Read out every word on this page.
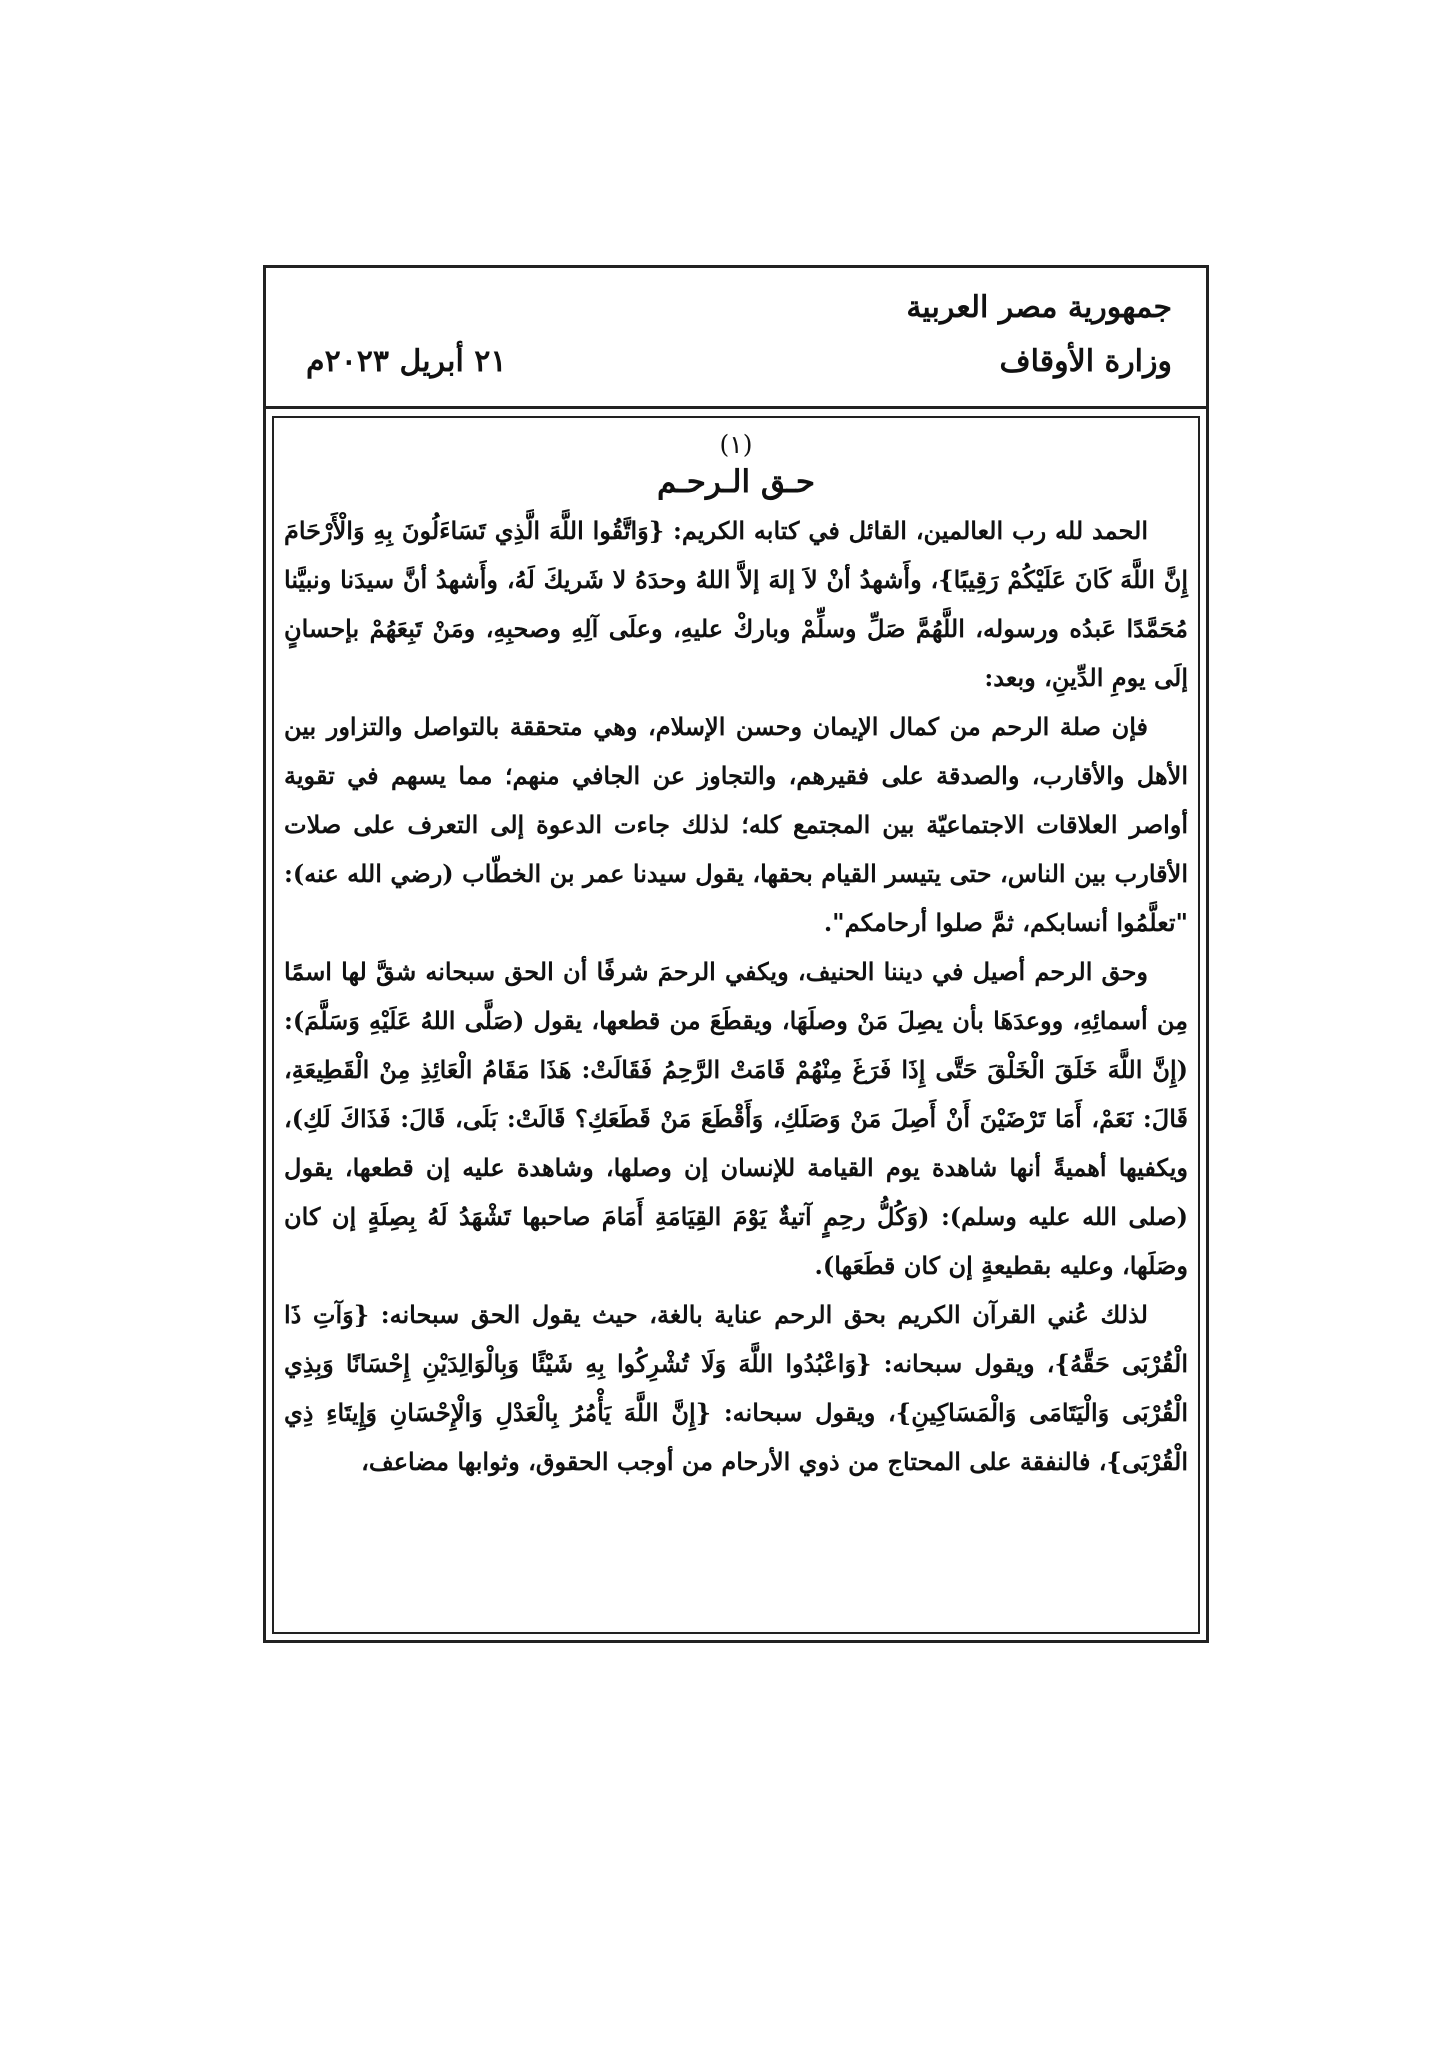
جمهورية مصر العربية
وزارة الأوقاف
٢١ أبريل ٢٠٢٣م
(١)
حـق الـرحـم

الحمد لله رب العالمين، القائل في كتابه الكريم: {وَاتَّقُوا اللَّهَ الَّذِي تَسَاءَلُونَ بِهِ وَالْأَرْحَامَ إِنَّ اللَّهَ كَانَ عَلَيْكُمْ رَقِيبًا}، وأَشهدُ أنْ لاَ إلهَ إلاَّ اللهُ وحدَهُ لا شَريكَ لَهُ، وأَشهدُ أنَّ سيدَنا ونبيَّنا مُحَمَّدًا عَبدُه ورسوله، اللَّهُمَّ صَلِّ وسلِّمْ وباركْ عليهِ، وعلَى آلِهِ وصحبِهِ، ومَنْ تَبِعَهُمْ بإحسانٍ إلَى يومِ الدِّينِ، وبعد:

فإن صلة الرحم من كمال الإيمان وحسن الإسلام، وهي متحققة بالتواصل والتزاور بين الأهل والأقارب، والصدقة على فقيرهم، والتجاوز عن الجافي منهم؛ مما يسهم في تقوية أواصر العلاقات الاجتماعيّة بين المجتمع كله؛ لذلك جاءت الدعوة إلى التعرف على صلات الأقارب بين الناس، حتى يتيسر القيام بحقها، يقول سيدنا عمر بن الخطّاب (رضي الله عنه): "تعلَّمُوا أنسابكم، ثمَّ صلوا أرحامكم".

وحق الرحم أصيل في ديننا الحنيف، ويكفي الرحمَ شرفًا أن الحق سبحانه شقَّ لها اسمًا مِن أسمائِهِ، ووعدَهَا بأن يصِلَ مَنْ وصلَهَا، ويقطَعَ من قطعها، يقول (صَلَّى اللهُ عَلَيْهِ وَسَلَّمَ): (إِنَّ اللَّهَ خَلَقَ الْخَلْقَ حَتَّى إِذَا فَرَغَ مِنْهُمْ قَامَتْ الرَّحِمُ فَقَالَتْ: هَذَا مَقَامُ الْعَائِذِ مِنْ الْقَطِيعَةِ، قَالَ: نَعَمْ، أَمَا تَرْضَيْنَ أَنْ أَصِلَ مَنْ وَصَلَكِ، وَأَقْطَعَ مَنْ قَطَعَكِ؟ قَالَتْ: بَلَى، قَالَ: فَذَاكَ لَكِ)، ويكفيها أهميةً أنها شاهدة يوم القيامة للإنسان إن وصلها، وشاهدة عليه إن قطعها، يقول (صلى الله عليه وسلم): (وَكُلُّ رحِمٍ آتيةٌ يَوْمَ القِيَامَةِ أَمَامَ صاحبها تَشْهَدُ لَهُ بِصِلَةٍ إن كان وصَلَها، وعليه بقطيعةٍ إن كان قطَعَها).

لذلك عُني القرآن الكريم بحق الرحم عناية بالغة، حيث يقول الحق سبحانه: {وَآتِ ذَا الْقُرْبَى حَقَّهُ}، ويقول سبحانه: {وَاعْبُدُوا اللَّهَ وَلَا تُشْرِكُوا بِهِ شَيْئًا وَبِالْوَالِدَيْنِ إِحْسَانًا وَبِذِي الْقُرْبَى وَالْيَتَامَى وَالْمَسَاكِينِ}، ويقول سبحانه: {إِنَّ اللَّهَ يَأْمُرُ بِالْعَدْلِ وَالْإِحْسَانِ وَإِيتَاءِ ذِي الْقُرْبَى}، فالنفقة على المحتاج من ذوي الأرحام من أوجب الحقوق، وثوابها مضاعف،
